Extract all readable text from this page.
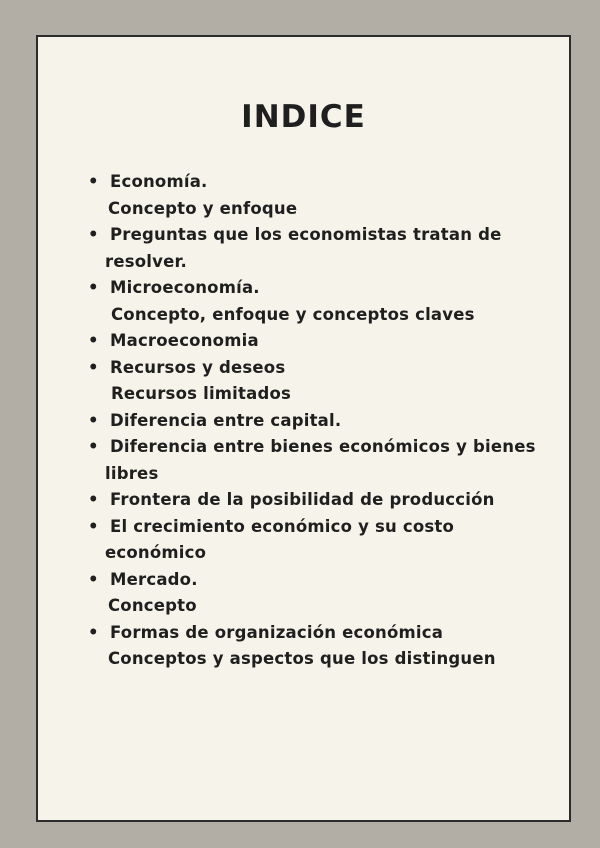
INDICE
• Economía.
Concepto y enfoque
• Preguntas que los economistas tratan de
resolver.
• Microeconomía.
Concepto, enfoque y conceptos claves
• Macroeconomia
• Recursos y deseos
Recursos limitados
• Diferencia entre capital.
• Diferencia entre bienes económicos y bienes
libres
• Frontera de la posibilidad de producción
• El crecimiento económico y su costo
económico
• Mercado.
Concepto
• Formas de organización económica
Conceptos y aspectos que los distinguen
